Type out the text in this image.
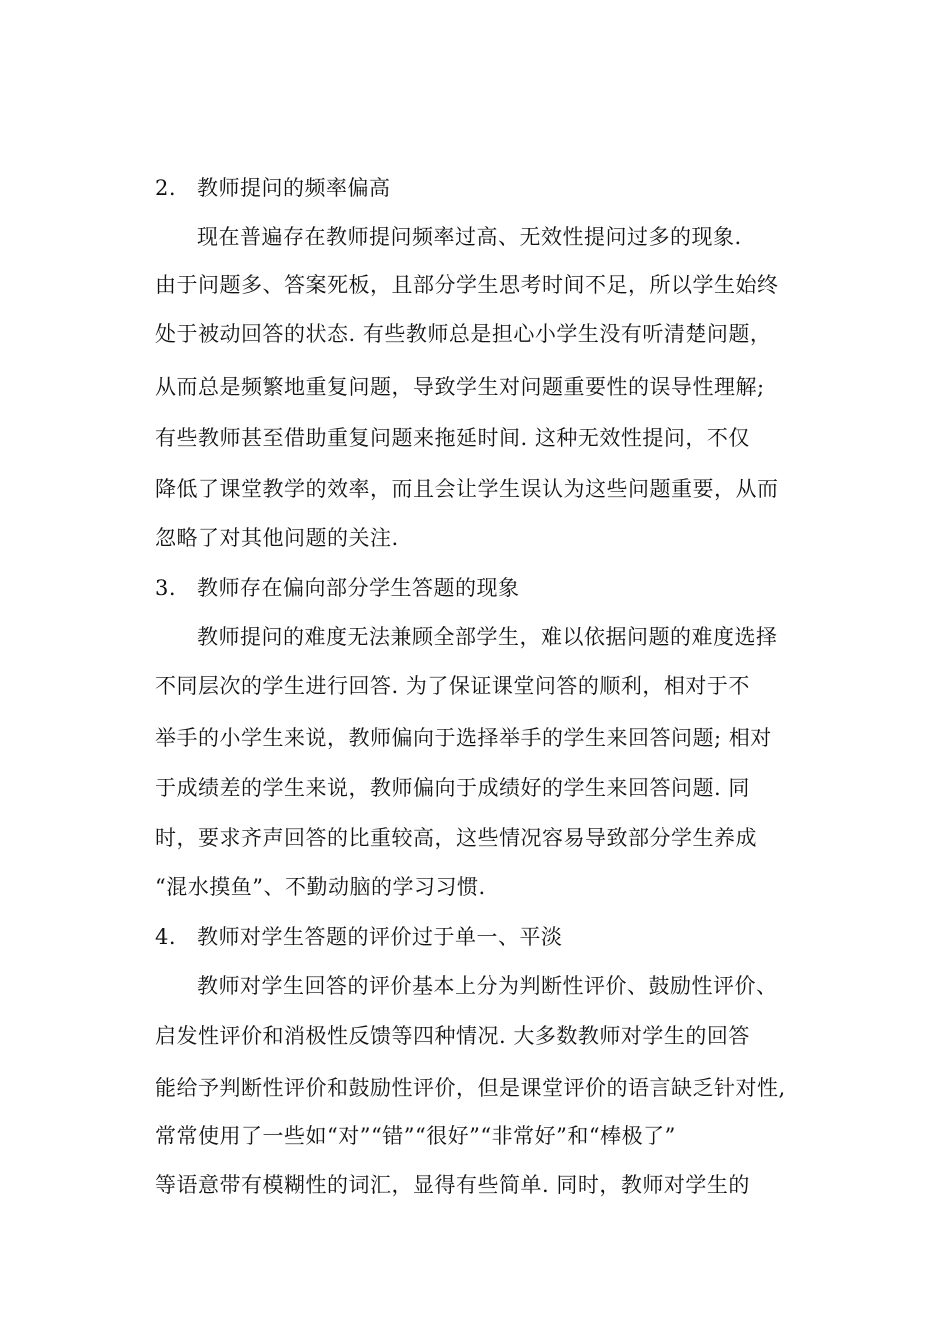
2. 教师提问的频率偏高
现在普遍存在教师提问频率过高、无效性提问过多的现象.
由于问题多、答案死板，且部分学生思考时间不足，所以学生始终
处于被动回答的状态. 有些教师总是担心小学生没有听清楚问题，
从而总是频繁地重复问题，导致学生对问题重要性的误导性理解;
有些教师甚至借助重复问题来拖延时间. 这种无效性提问，不仅
降低了课堂教学的效率，而且会让学生误认为这些问题重要，从而
忽略了对其他问题的关注.
3. 教师存在偏向部分学生答题的现象
教师提问的难度无法兼顾全部学生，难以依据问题的难度选择
不同层次的学生进行回答. 为了保证课堂问答的顺利，相对于不
举手的小学生来说，教师偏向于选择举手的学生来回答问题; 相对
于成绩差的学生来说，教师偏向于成绩好的学生来回答问题. 同
时，要求齐声回答的比重较高，这些情况容易导致部分学生养成
“混水摸鱼”、不勤动脑的学习习惯.
4. 教师对学生答题的评价过于单一、平淡
教师对学生回答的评价基本上分为判断性评价、鼓励性评价、
启发性评价和消极性反馈等四种情况. 大多数教师对学生的回答
能给予判断性评价和鼓励性评价，但是课堂评价的语言缺乏针对性,
常常使用了一些如“对”“错”“很好”“非常好”和“棒极了”
等语意带有模糊性的词汇，显得有些简单. 同时，教师对学生的
